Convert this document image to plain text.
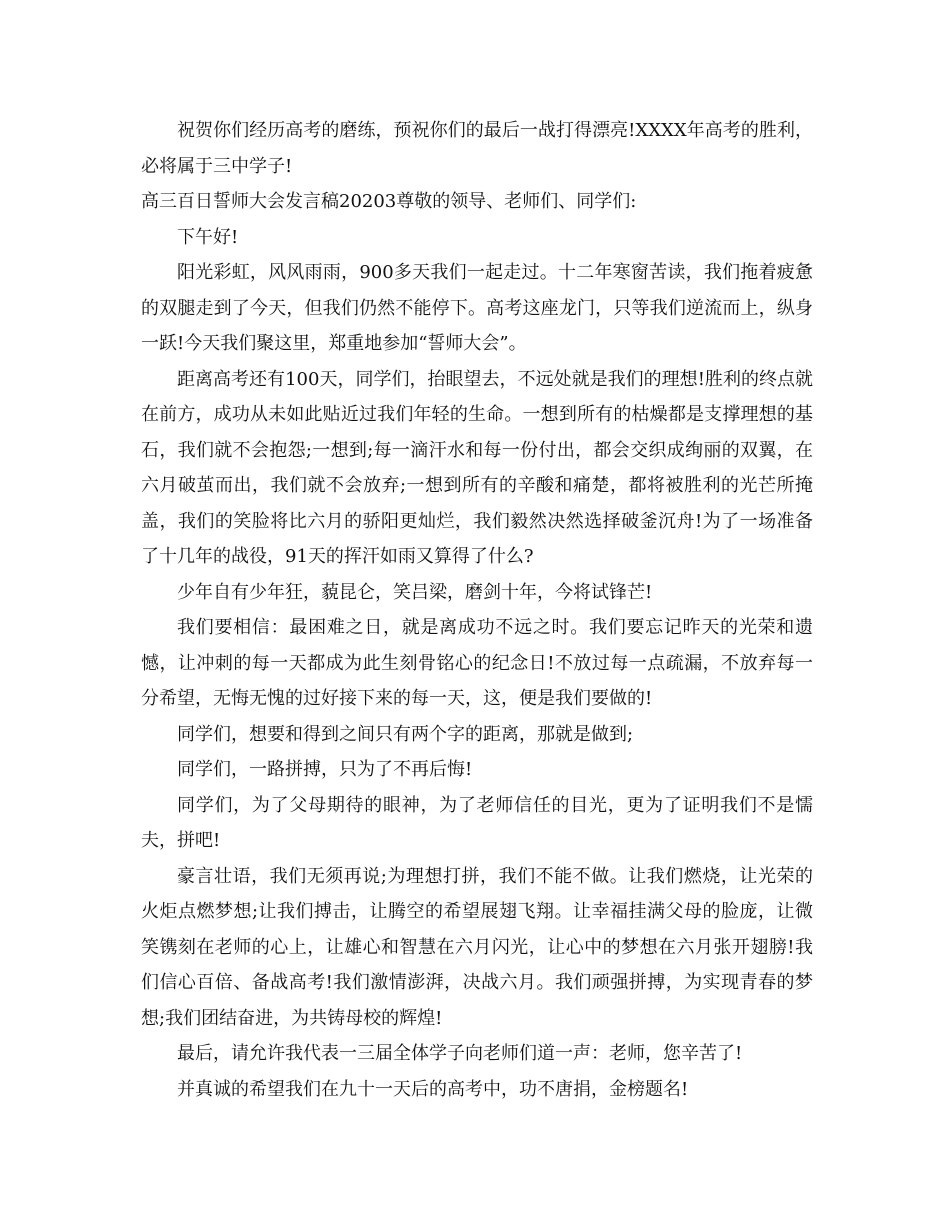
祝贺你们经历高考的磨练，预祝你们的最后一战打得漂亮!XXXX年高考的胜利，必将属于三中学子!

高三百日誓师大会发言稿20203尊敬的领导、老师们、同学们:

下午好!

阳光彩虹，风风雨雨，900多天我们一起走过。十二年寒窗苦读，我们拖着疲惫的双腿走到了今天，但我们仍然不能停下。高考这座龙门，只等我们逆流而上，纵身一跃!今天我们聚这里，郑重地参加“誓师大会”。

距离高考还有100天，同学们，抬眼望去，不远处就是我们的理想!胜利的终点就在前方，成功从未如此贴近过我们年轻的生命。一想到所有的枯燥都是支撑理想的基石，我们就不会抱怨;一想到;每一滴汗水和每一份付出，都会交织成绚丽的双翼，在六月破茧而出，我们就不会放弃;一想到所有的辛酸和痛楚，都将被胜利的光芒所掩盖，我们的笑脸将比六月的骄阳更灿烂，我们毅然决然选择破釜沉舟!为了一场准备了十几年的战役，91天的挥汗如雨又算得了什么?

少年自有少年狂，藐昆仑，笑吕梁，磨剑十年，今将试锋芒!

我们要相信：最困难之日，就是离成功不远之时。我们要忘记昨天的光荣和遗憾，让冲刺的每一天都成为此生刻骨铭心的纪念日!不放过每一点疏漏，不放弃每一分希望，无悔无愧的过好接下来的每一天，这，便是我们要做的!

同学们，想要和得到之间只有两个字的距离，那就是做到;

同学们，一路拼搏，只为了不再后悔!

同学们，为了父母期待的眼神，为了老师信任的目光，更为了证明我们不是懦夫，拼吧!

豪言壮语，我们无须再说;为理想打拼，我们不能不做。让我们燃烧，让光荣的火炬点燃梦想;让我们搏击，让腾空的希望展翅飞翔。让幸福挂满父母的脸庞，让微笑镌刻在老师的心上，让雄心和智慧在六月闪光，让心中的梦想在六月张开翅膀!我们信心百倍、备战高考!我们激情澎湃，决战六月。我们顽强拼搏，为实现青春的梦想;我们团结奋进，为共铸母校的辉煌!

最后，请允许我代表一三届全体学子向老师们道一声：老师，您辛苦了!

并真诚的希望我们在九十一天后的高考中，功不唐捐，金榜题名!
